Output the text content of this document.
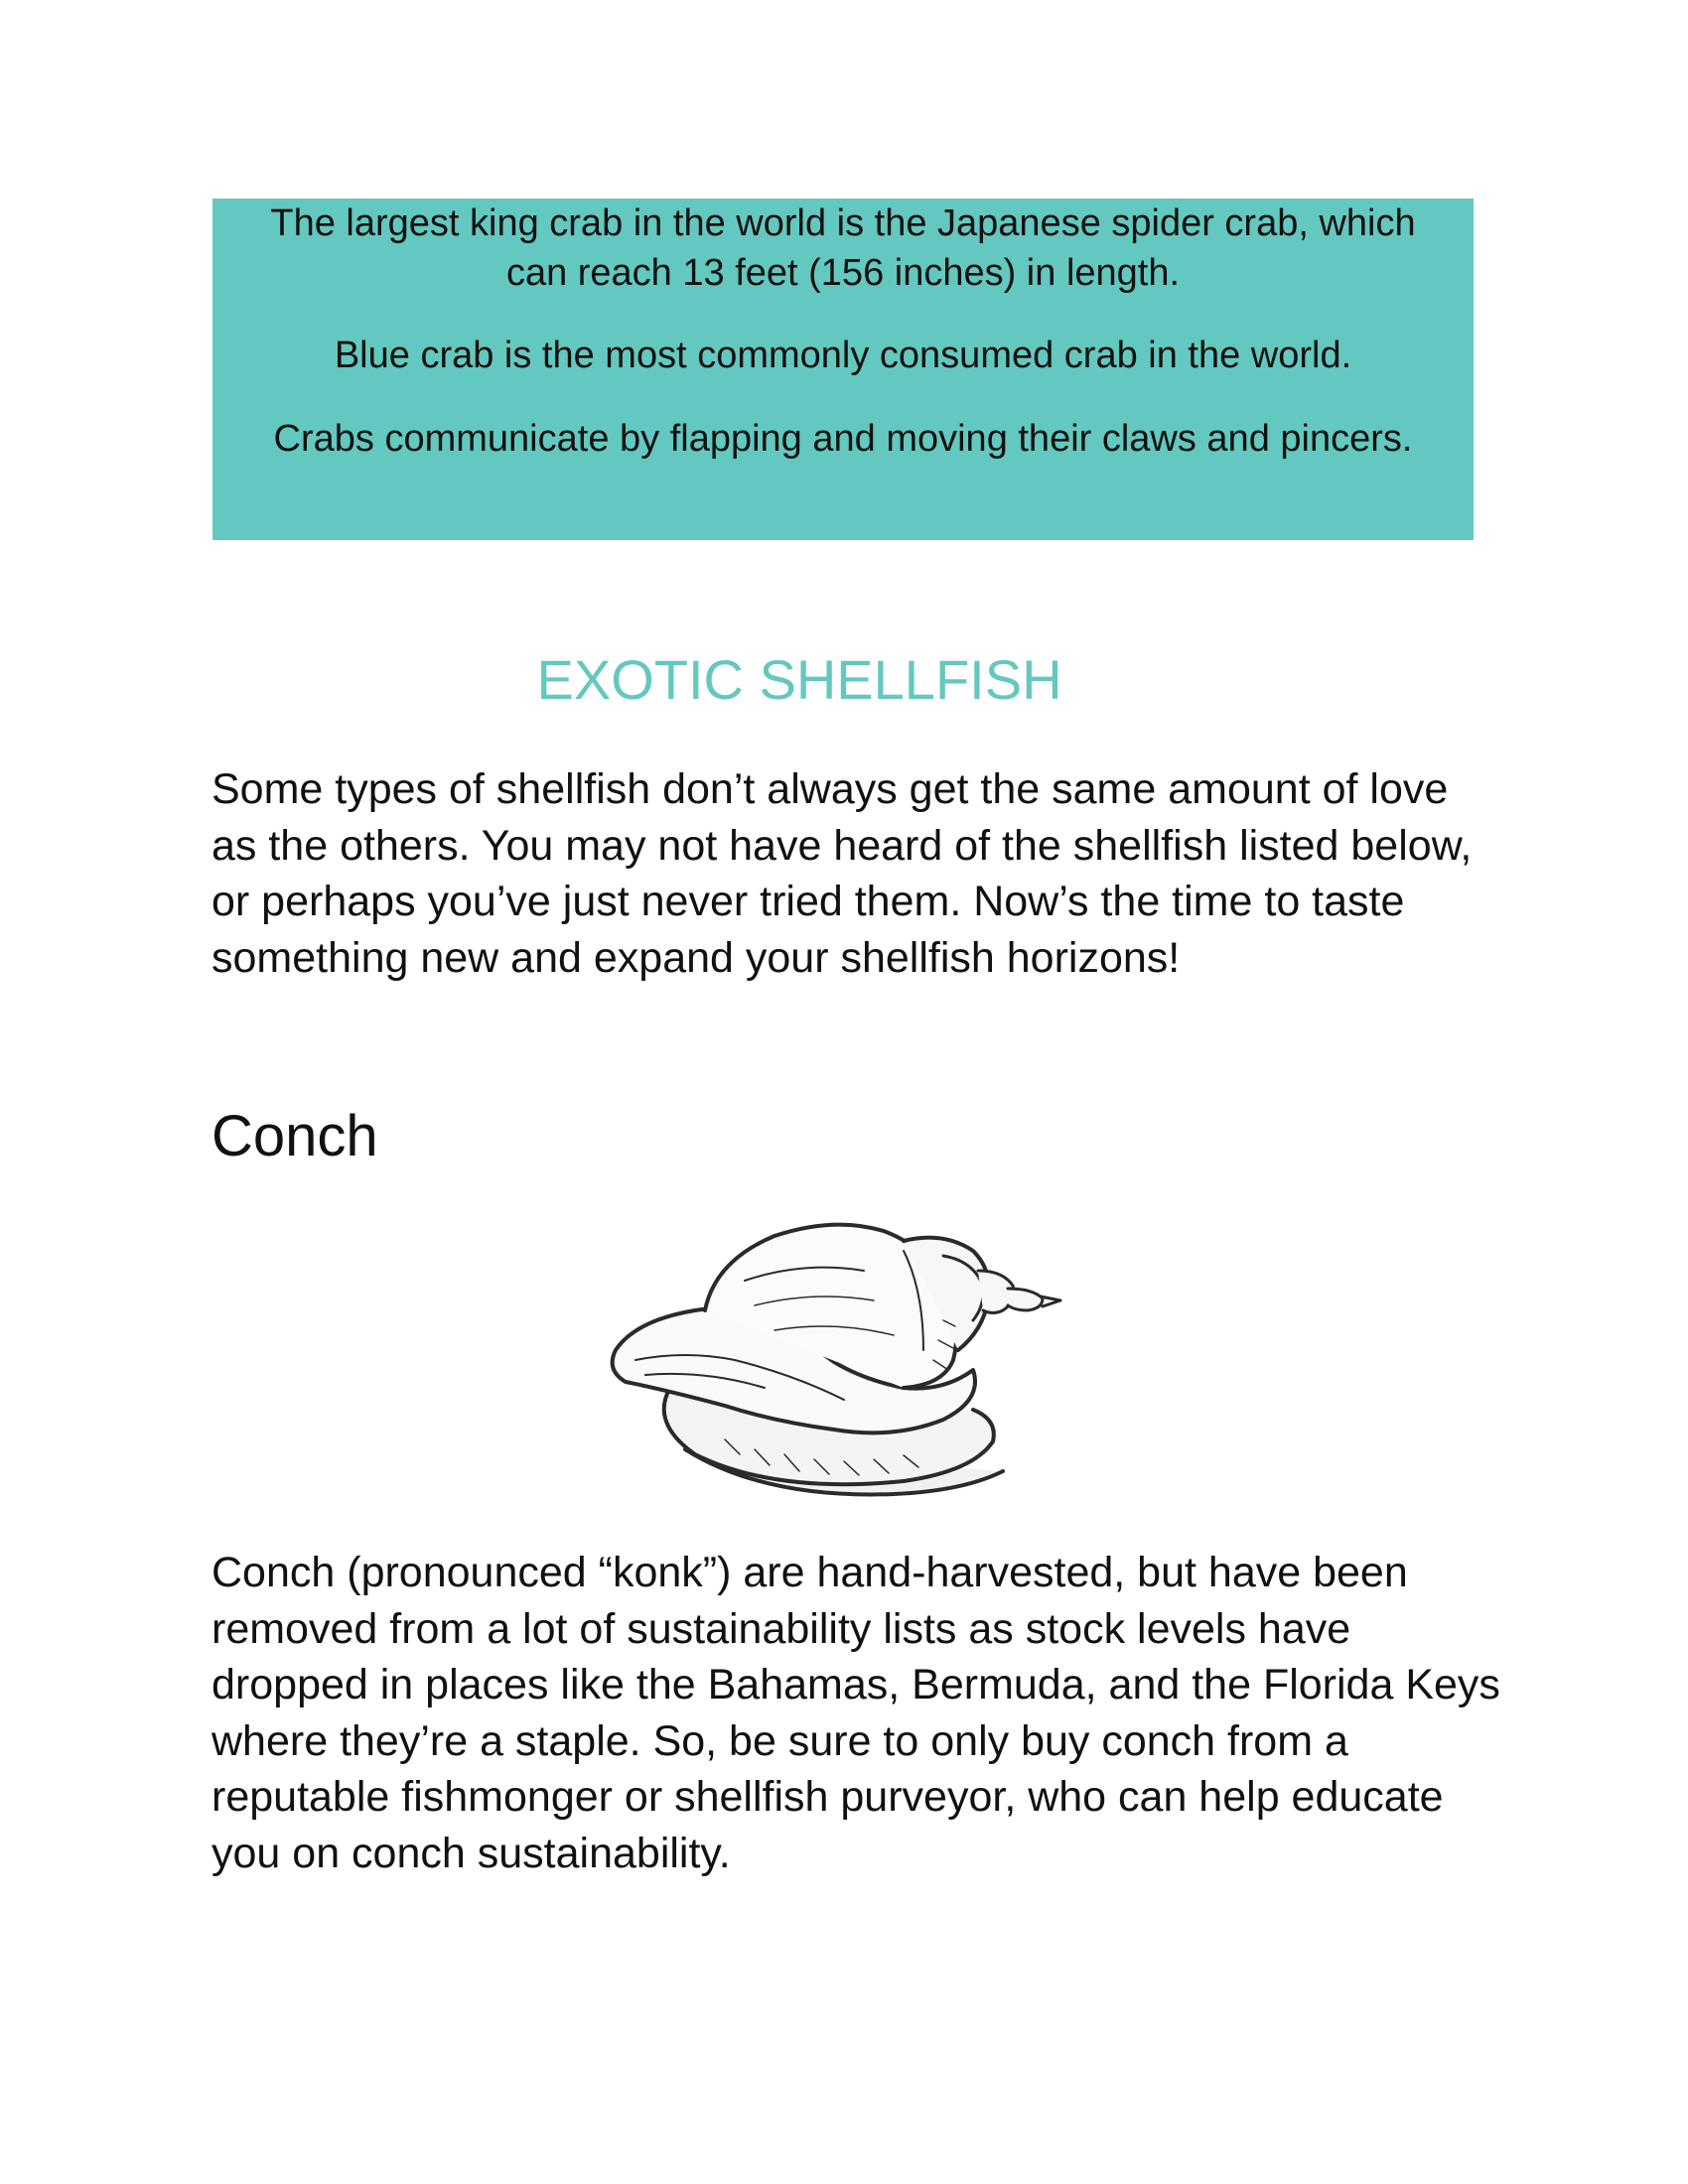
The largest king crab in the world is the Japanese spider crab, which can reach 13 feet (156 inches) in length.

Blue crab is the most commonly consumed crab in the world.

Crabs communicate by flapping and moving their claws and pincers.

EXOTIC SHELLFISH

Some types of shellfish don’t always get the same amount of love as the others. You may not have heard of the shellfish listed below, or perhaps you’ve just never tried them. Now’s the time to taste something new and expand your shellfish horizons!

Conch

Conch (pronounced “konk”) are hand-harvested, but have been removed from a lot of sustainability lists as stock levels have dropped in places like the Bahamas, Bermuda, and the Florida Keys where they’re a staple. So, be sure to only buy conch from a reputable fishmonger or shellfish purveyor, who can help educate you on conch sustainability.
